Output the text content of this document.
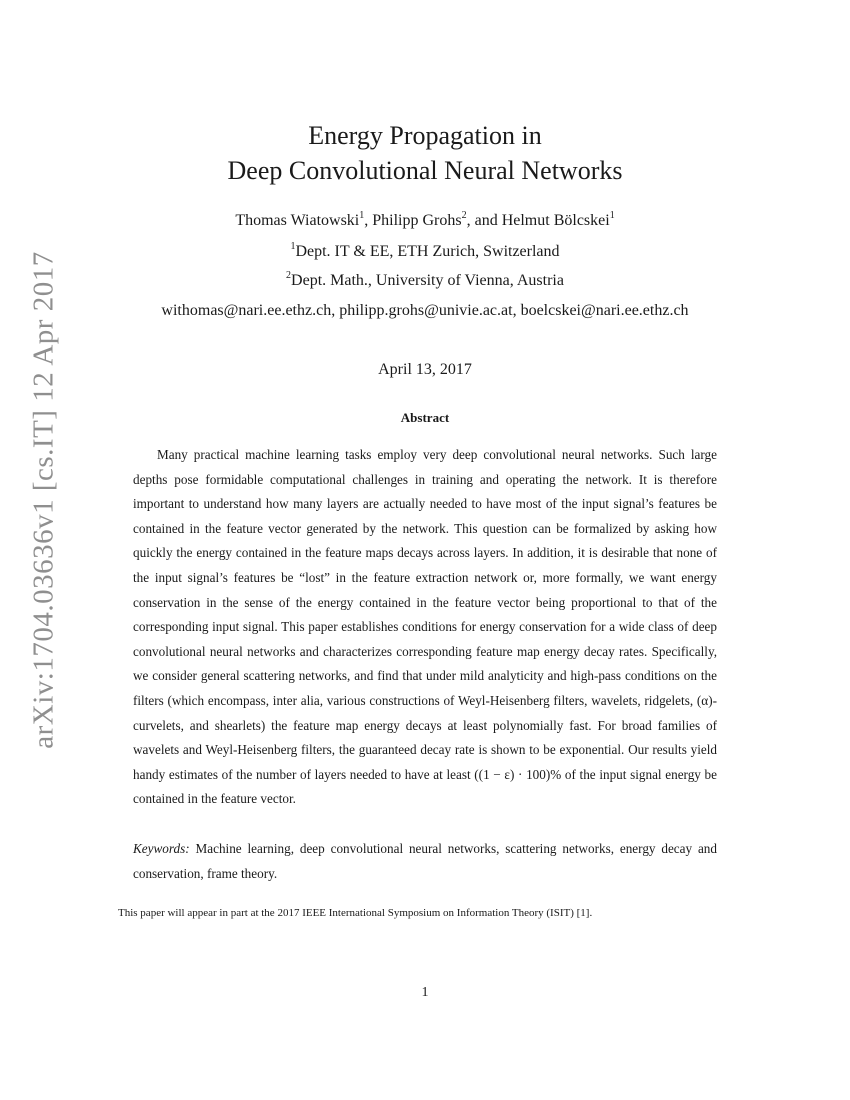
arXiv:1704.03636v1 [cs.IT] 12 Apr 2017
Energy Propagation in
Deep Convolutional Neural Networks
Thomas Wiatowski$^1$, Philipp Grohs$^2$, and Helmut Bölcskei$^1$
$^1$Dept. IT & EE, ETH Zurich, Switzerland
$^2$Dept. Math., University of Vienna, Austria
withomas@nari.ee.ethz.ch, philipp.grohs@univie.ac.at, boelcskei@nari.ee.ethz.ch
April 13, 2017
Abstract

Many practical machine learning tasks employ very deep convolutional neural networks. Such large depths pose formidable computational challenges in training and operating the network. It is therefore important to understand how many layers are actually needed to have most of the input signal’s features be contained in the feature vector generated by the network. This question can be formalized by asking how quickly the energy contained in the feature maps decays across layers. In addition, it is desirable that none of the input signal’s features be “lost” in the feature extraction network or, more formally, we want energy conservation in the sense of the energy contained in the feature vector being proportional to that of the corresponding input signal. This paper establishes conditions for energy conservation for a wide class of deep convolutional neural networks and characterizes corresponding feature map energy decay rates. Specifically, we consider general scattering networks, and find that under mild analyticity and high-pass conditions on the filters (which encompass, inter alia, various constructions of Weyl-Heisenberg filters, wavelets, ridgelets, (α)-curvelets, and shearlets) the feature map energy decays at least polynomially fast. For broad families of wavelets and Weyl-Heisenberg filters, the guaranteed decay rate is shown to be exponential. Our results yield handy estimates of the number of layers needed to have at least ((1 − ε) · 100)% of the input signal energy be contained in the feature vector.

Keywords: Machine learning, deep convolutional neural networks, scattering networks, energy decay and conservation, frame theory.

This paper will appear in part at the 2017 IEEE International Symposium on Information Theory (ISIT) [1].
1
